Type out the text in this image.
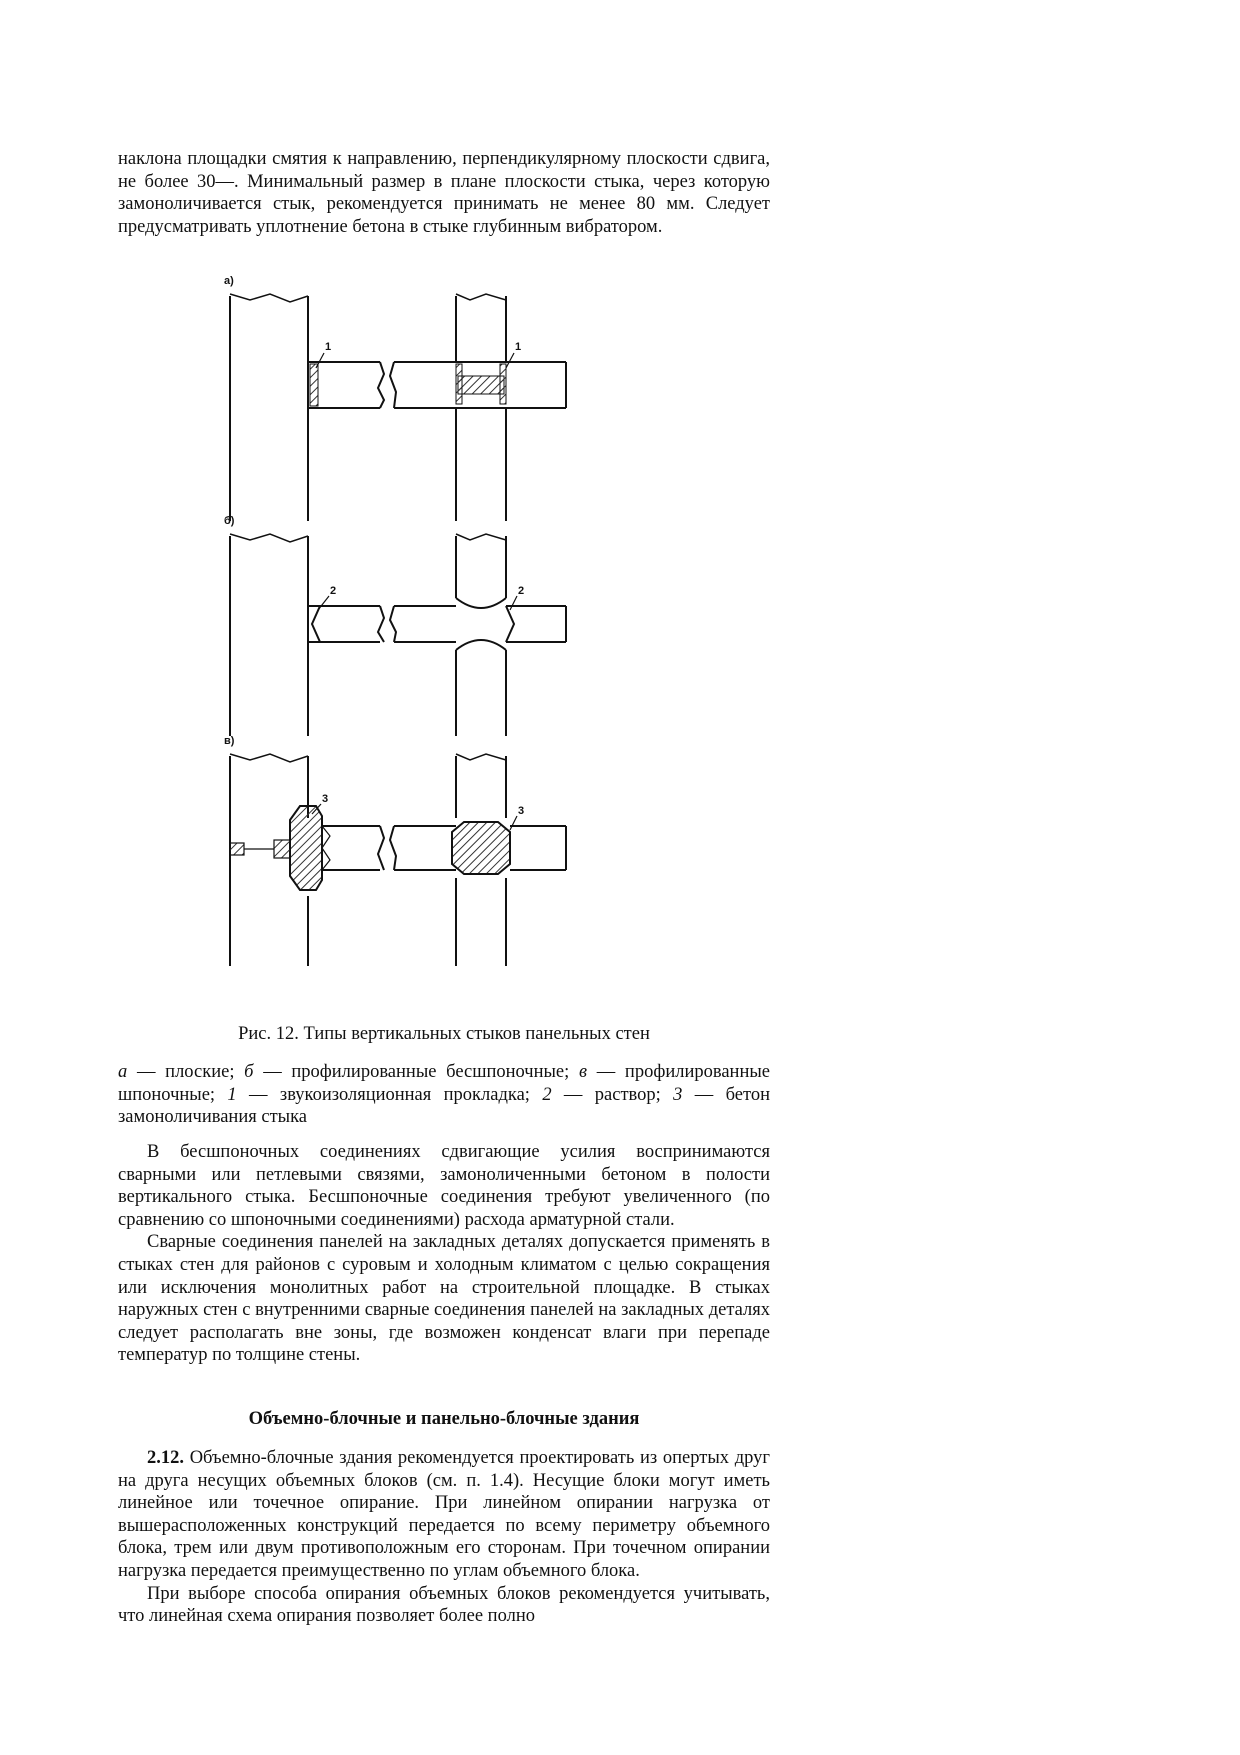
наклона площадки смятия к направлению, перпендикулярному плоскости сдвига, не более 30—. Минимальный размер в плане плоскости стыка, через которую замоноличивается стык, рекомендуется принимать не менее 80 мм. Следует предусматривать уплотнение бетона в стыке глубинным вибратором.

а)
1	1
б)
2	2
в)
3
3
Рис. 12. Типы вертикальных стыков панельных стен

а — плоские; б — профилированные бесшпоночные; в — профилированные шпоночные; 1 — звукоизоляционная прокладка; 2 — раствор; 3 — бетон замоноличивания стыка

В бесшпоночных соединениях сдвигающие усилия воспринимаются сварными или петлевыми связями, замоноличенными бетоном в полости вертикального стыка. Бесшпоночные соединения требуют увеличенного (по сравнению со шпоночными соединениями) расхода арматурной стали.

Сварные соединения панелей на закладных деталях допускается применять в стыках стен для районов с суровым и холодным климатом с целью сокращения или исключения монолитных работ на строительной площадке. В стыках наружных стен с внутренними сварные соединения панелей на закладных деталях следует располагать вне зоны, где возможен конденсат влаги при перепаде температур по толщине стены.

Объемно-блочные и панельно-блочные здания

2.12. Объемно-блочные здания рекомендуется проектировать из опертых друг на друга несущих объемных блоков (см. п. 1.4). Несущие блоки могут иметь линейное или точечное опирание. При линейном опирании нагрузка от вышерасположенных конструкций передается по всему периметру объемного блока, трем или двум противоположным его сторонам. При точечном опирании нагрузка передается преимущественно по углам объемного блока.

При выборе способа опирания объемных блоков рекомендуется учитывать, что линейная схема опирания позволяет более полно
